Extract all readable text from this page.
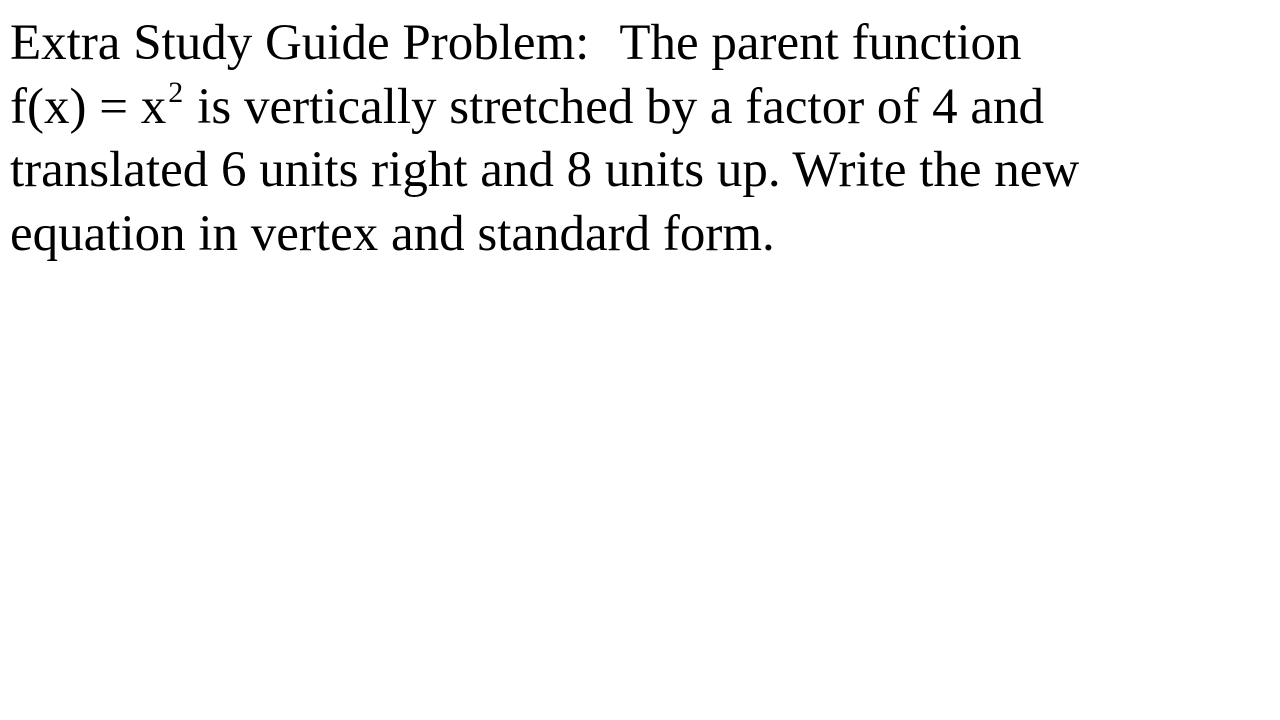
Extra Study Guide Problem: The parent function
$f(x) = x^2$ is vertically stretched by a factor of 4 and
translated 6 units right and 8 units up. Write the new
equation in vertex and standard form.
